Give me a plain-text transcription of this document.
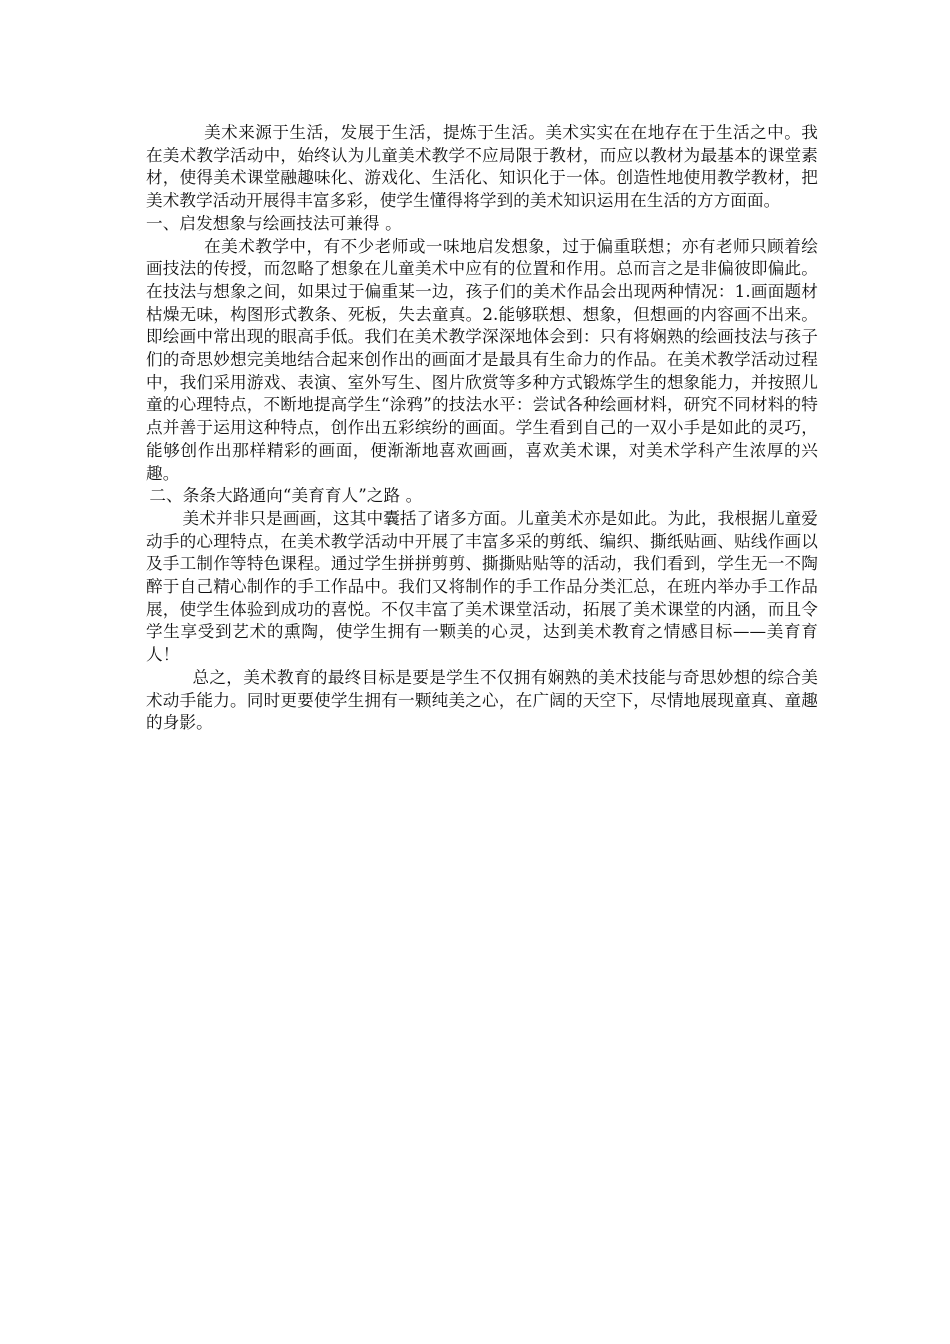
美术来源于生活，发展于生活，提炼于生活。美术实实在在地存在于生活之中。我在美术教学活动中，始终认为儿童美术教学不应局限于教材，而应以教材为最基本的课堂素材，使得美术课堂融趣味化、游戏化、生活化、知识化于一体。创造性地使用教学教材，把美术教学活动开展得丰富多彩，使学生懂得将学到的美术知识运用在生活的方方面面。

一、启发想象与绘画技法可兼得 。

在美术教学中，有不少老师或一味地启发想象，过于偏重联想；亦有老师只顾着绘画技法的传授，而忽略了想象在儿童美术中应有的位置和作用。总而言之是非偏彼即偏此。在技法与想象之间，如果过于偏重某一边，孩子们的美术作品会出现两种情况：1.画面题材枯燥无味，构图形式教条、死板，失去童真。2.能够联想、想象，但想画的内容画不出来。即绘画中常出现的眼高手低。我们在美术教学深深地体会到：只有将娴熟的绘画技法与孩子们的奇思妙想完美地结合起来创作出的画面才是最具有生命力的作品。在美术教学活动过程中，我们采用游戏、表演、室外写生、图片欣赏等多种方式锻炼学生的想象能力，并按照儿童的心理特点，不断地提高学生“涂鸦”的技法水平：尝试各种绘画材料，研究不同材料的特点并善于运用这种特点，创作出五彩缤纷的画面。学生看到自己的一双小手是如此的灵巧，能够创作出那样精彩的画面，便渐渐地喜欢画画，喜欢美术课，对美术学科产生浓厚的兴趣。

二、条条大路通向“美育育人”之路 。

美术并非只是画画，这其中囊括了诸多方面。儿童美术亦是如此。为此，我根据儿童爱动手的心理特点，在美术教学活动中开展了丰富多采的剪纸、编织、撕纸贴画、贴线作画以及手工制作等特色课程。通过学生拼拼剪剪、撕撕贴贴等的活动，我们看到，学生无一不陶醉于自己精心制作的手工作品中。我们又将制作的手工作品分类汇总，在班内举办手工作品展，使学生体验到成功的喜悦。不仅丰富了美术课堂活动，拓展了美术课堂的内涵，而且令学生享受到艺术的熏陶，使学生拥有一颗美的心灵，达到美术教育之情感目标——美育育人！

总之，美术教育的最终目标是要是学生不仅拥有娴熟的美术技能与奇思妙想的综合美术动手能力。同时更要使学生拥有一颗纯美之心，在广阔的天空下，尽情地展现童真、童趣的身影。
